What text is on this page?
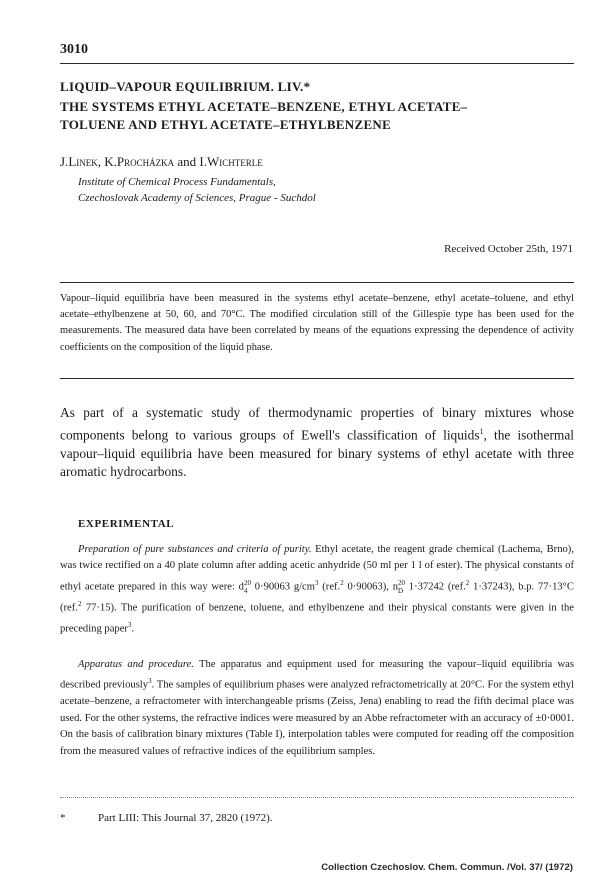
3010
LIQUID–VAPOUR EQUILIBRIUM. LIV.*
THE SYSTEMS ETHYL ACETATE–BENZENE, ETHYL ACETATE–
TOLUENE AND ETHYL ACETATE–ETHYLBENZENE
J.Linek, K.Procházka and I.Wichterle
Institute of Chemical Process Fundamentals,
Czechoslovak Academy of Sciences, Prague - Suchdol
Received October 25th, 1971
Vapour–liquid equilibria have been measured in the systems ethyl acetate–benzene, ethyl acetate–toluene, and ethyl acetate–ethylbenzene at 50, 60, and 70°C. The modified circulation still of the Gillespie type has been used for the measurements. The measured data have been correlated by means of the equations expressing the dependence of activity coefficients on the composition of the liquid phase.
As part of a systematic study of thermodynamic properties of binary mixtures whose components belong to various groups of Ewell's classification of liquids$^1$, the isothermal vapour–liquid equilibria have been measured for binary systems of ethyl acetate with three aromatic hydrocarbons.
EXPERIMENTAL
Preparation of pure substances and criteria of purity. Ethyl acetate, the reagent grade chemical (Lachema, Brno), was twice rectified on a 40 plate column after adding acetic anhydride (50 ml per 1 l of ester). The physical constants of ethyl acetate prepared in this way were: d 20
4 0·90063 $g/cm^3$ (ref.$^2$ 0·90063), n 20
D 1·37242 (ref.$^2$ 1·37243), b.p. 77·13°C (ref.$^2$ 77·15). The purification of benzene, toluene, and ethylbenzene and their physical constants were given in the preceding paper$^3$.
Apparatus and procedure. The apparatus and equipment used for measuring the vapour–liquid equilibria was described previously$^3$. The samples of equilibrium phases were analyzed refractometrically at 20°C. For the system ethyl acetate–benzene, a refractometer with interchangeable prisms (Zeiss, Jena) enabling to read the fifth decimal place was used. For the other systems, the refractive indices were measured by an Abbe refractometer with an accuracy of ±0·0001. On the basis of calibration binary mixtures (Table I), interpolation tables were computed for reading off the composition from the measured values of refractive indices of the equilibrium samples.
*	Part LIII: This Journal 37, 2820 (1972).
Collection Czechoslov. Chem. Commun. /Vol. 37/ (1972)
